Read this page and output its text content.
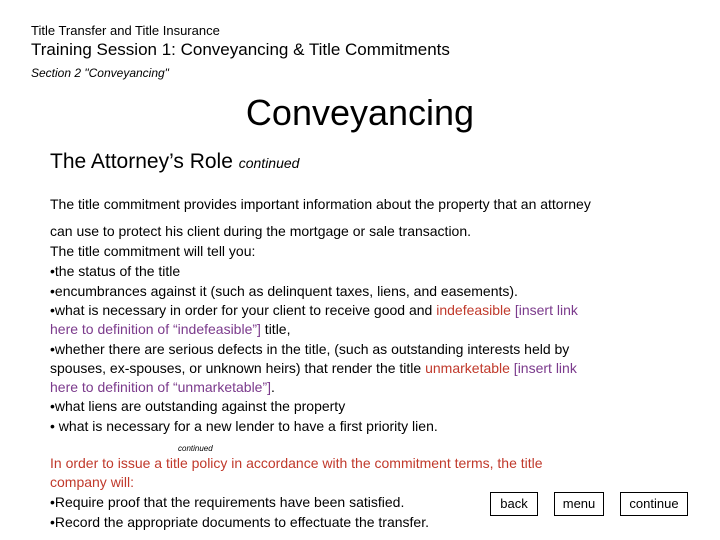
Title Transfer and Title Insurance
Training Session 1: Conveyancing & Title Commitments
Section 2 "Conveyancing"
Conveyancing
The Attorney’s Role continued
The title commitment provides important information about the property that an attorney
can use to protect his client during the mortgage or sale transaction.
The title commitment will tell you:
•the status of the title
•encumbrances against it (such as delinquent taxes, liens, and easements).
•what is necessary in order for your client to receive good and indefeasible [insert link
here to definition of “indefeasible”] title,
•whether there are serious defects in the title, (such as outstanding interests held by
spouses, ex-spouses, or unknown heirs) that render the title unmarketable [insert link
here to definition of “unmarketable”].
•what liens are outstanding against the property
• what is necessary for a new lender to have a first priority lien.
continued
In order to issue a title policy in accordance with the commitment terms, the title
company will:
•Require proof that the requirements have been satisfied.
•Record the appropriate documents to effectuate the transfer.
back	menu	continue
